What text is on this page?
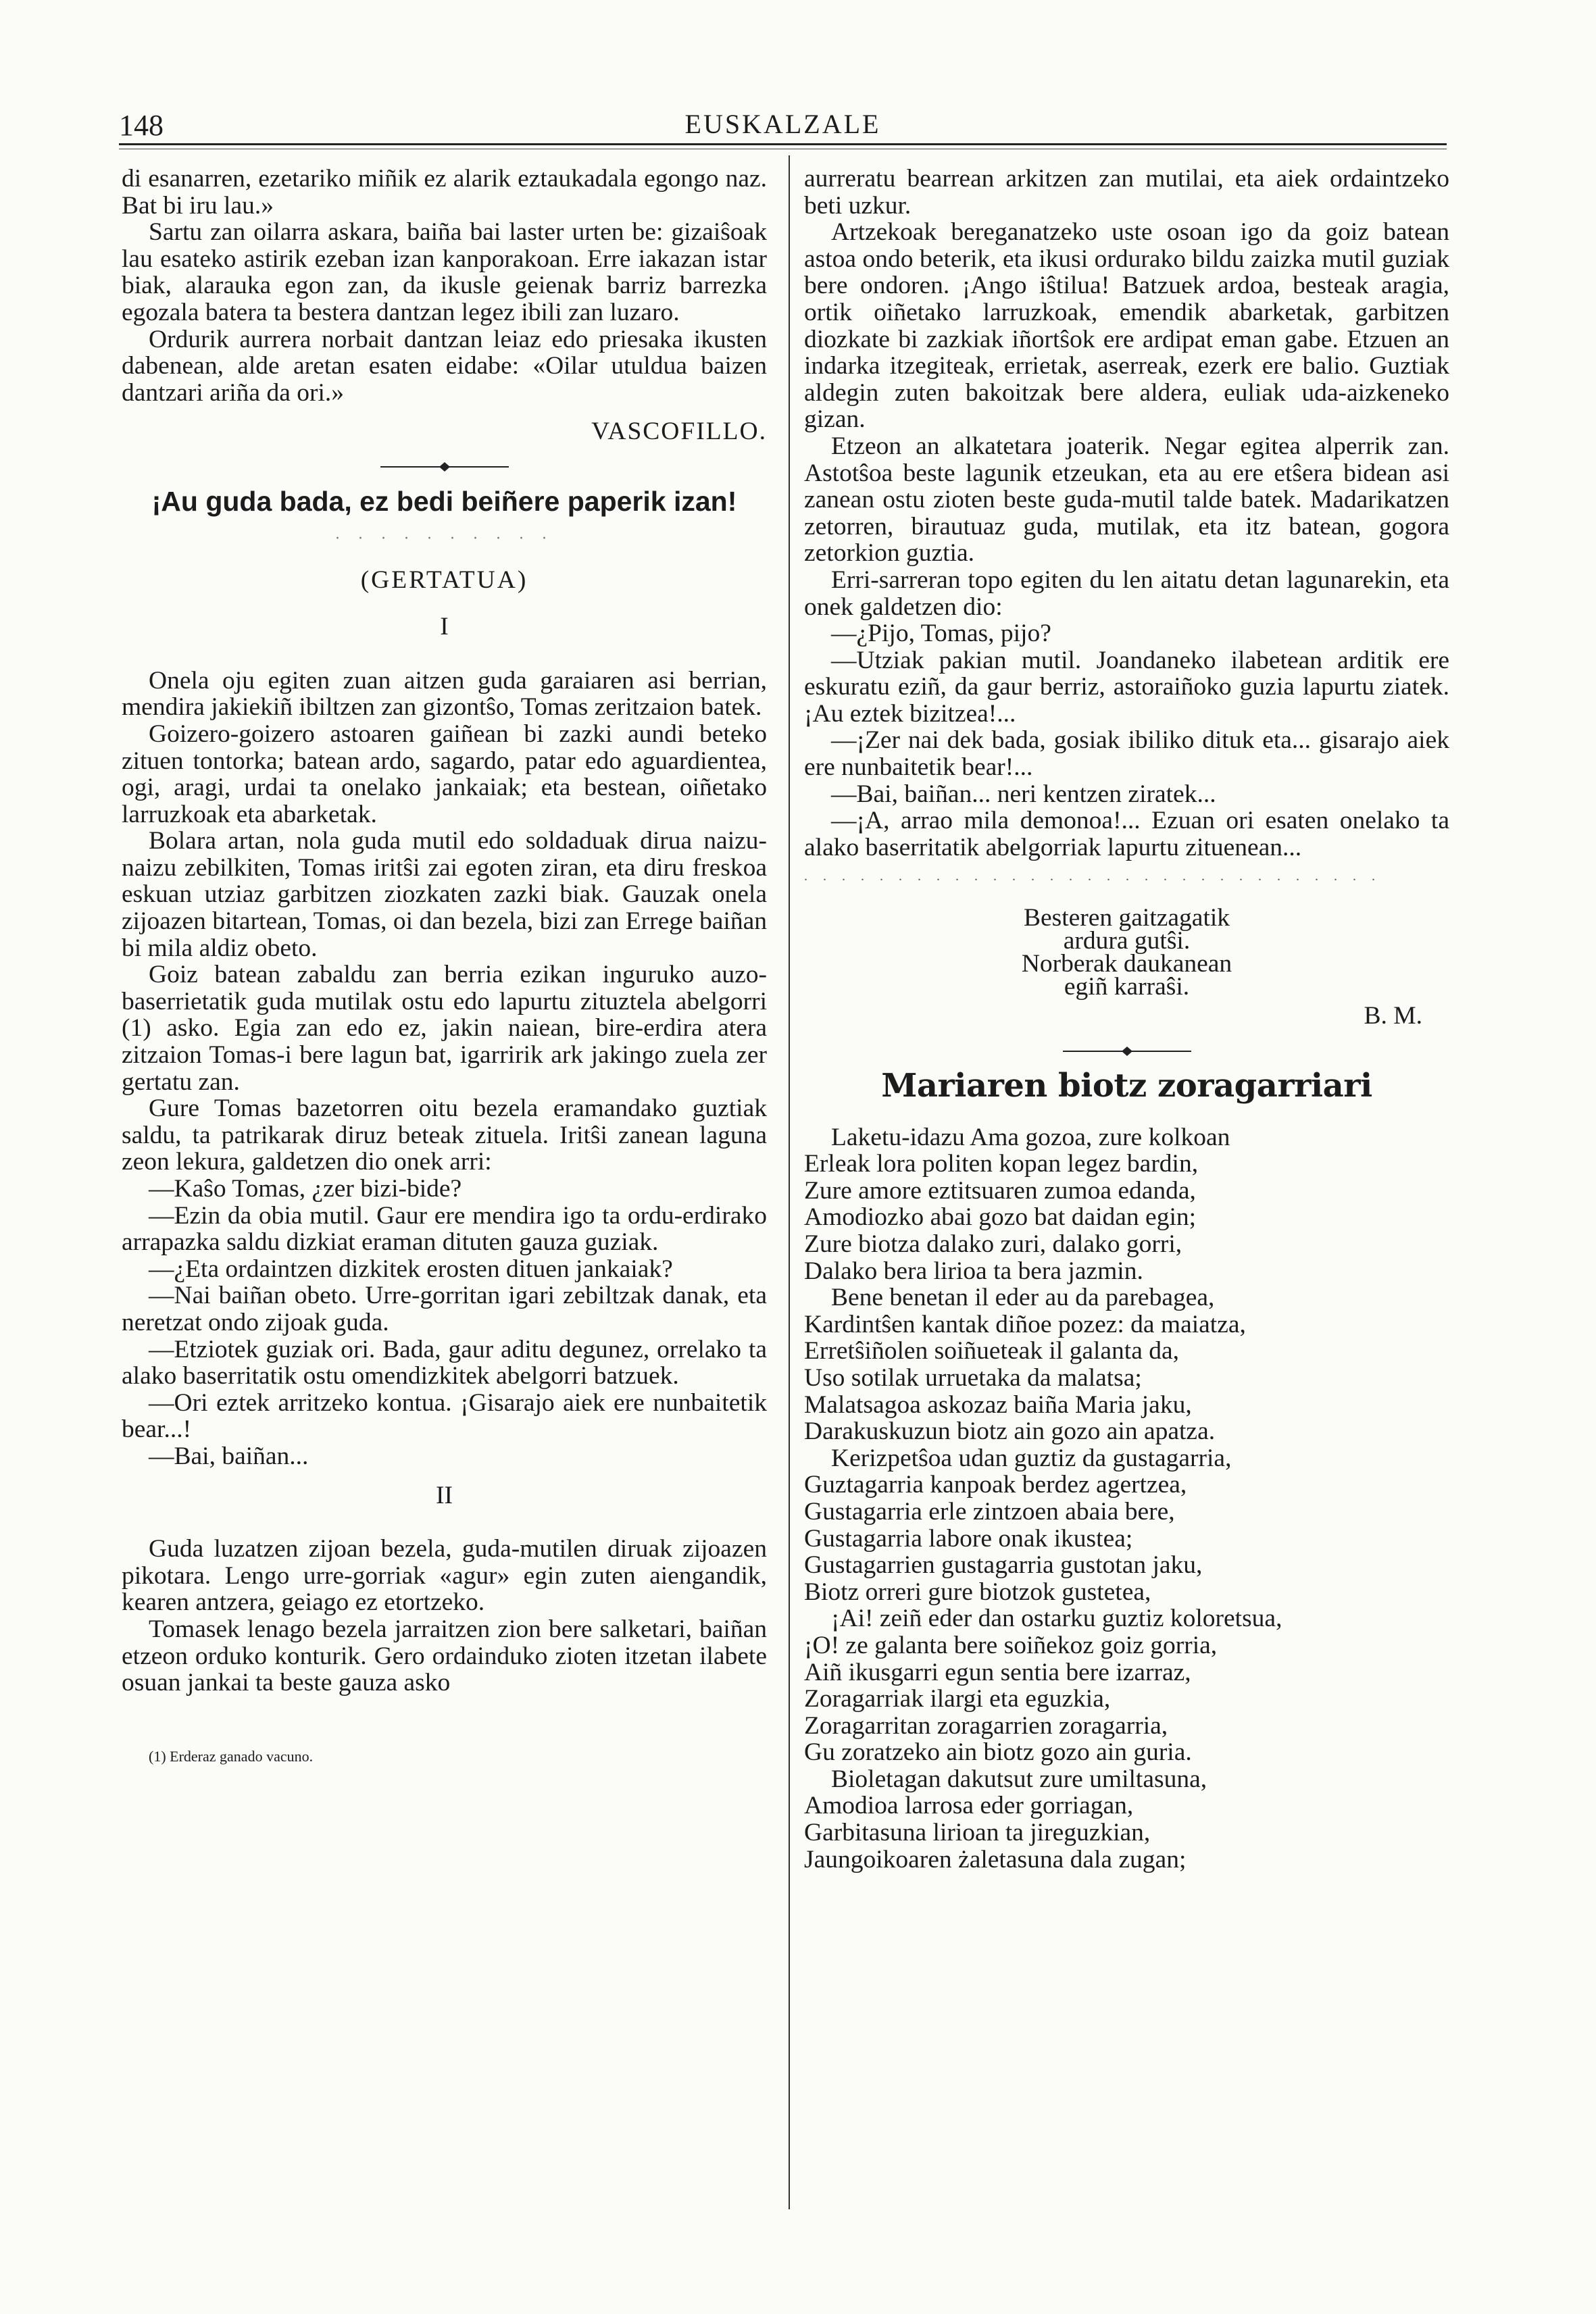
148	EUSKALZALE

di esanarren, ezetariko miñik ez alarik eztaukadala egongo naz. Bat bi iru lau.»

Sartu zan oilarra askara, baiña bai laster urten be: gizaiŝoak lau esateko astirik ezeban izan kanporakoan. Erre iakazan istar biak, alarauka egon zan, da ikusle geienak barriz barrezka egozala batera ta bestera dantzan legez ibili zan luzaro.

Ordurik aurrera norbait dantzan leiaz edo priesaka ikusten dabenean, alde aretan esaten eidabe: «Oilar utuldua baizen dantzari ariña da ori.»

VASCOFILLO.

¡Au guda bada, ez bedi beiñere paperik izan!

· · · · · · · · · ·

(GERTATUA)

I

Onela oju egiten zuan aitzen guda garaiaren asi berrian, mendira jakiekiñ ibiltzen zan gizontŝo, Tomas zeritzaion batek.

Goizero-goizero astoaren gaiñean bi zazki aundi beteko zituen tontorka; batean ardo, sagardo, patar edo aguardientea, ogi, aragi, urdai ta onelako jankaiak; eta bestean, oiñetako larruzkoak eta abarketak.

Bolara artan, nola guda mutil edo soldaduak dirua naizu-naizu zebilkiten, Tomas iritŝi zai egoten ziran, eta diru freskoa eskuan utziaz garbitzen ziozkaten zazki biak. Gauzak onela zijoazen bitartean, Tomas, oi dan bezela, bizi zan Errege baiñan bi mila aldiz obeto.

Goiz batean zabaldu zan berria ezikan inguruko auzo-baserrietatik guda mutilak ostu edo lapurtu zituztela abelgorri (1) asko. Egia zan edo ez, jakin naiean, bire-erdira atera zitzaion Tomas-i bere lagun bat, igarririk ark jakingo zuela zer gertatu zan.

Gure Tomas bazetorren oitu bezela eramandako guztiak saldu, ta patrikarak diruz beteak zituela. Iritŝi zanean laguna zeon lekura, galdetzen dio onek arri:

—Kaŝo Tomas, ¿zer bizi-bide?

—Ezin da obia mutil. Gaur ere mendira igo ta ordu-erdirako arrapazka saldu dizkiat eraman dituten gauza guziak.

—¿Eta ordaintzen dizkitek erosten dituen jankaiak?

—Nai baiñan obeto. Urre-gorritan igari zebiltzak danak, eta neretzat ondo zijoak guda.

—Etziotek guziak ori. Bada, gaur aditu degunez, orrelako ta alako baserritatik ostu omendizkitek abelgorri batzuek.

—Ori eztek arritzeko kontua. ¡Gisarajo aiek ere nunbaitetik bear...!

—Bai, baiñan...

II

Guda luzatzen zijoan bezela, guda-mutilen diruak zijoazen pikotara. Lengo urre-gorriak «agur» egin zuten aiengandik, kearen antzera, geiago ez etortzeko.

Tomasek lenago bezela jarraitzen zion bere salketari, baiñan etzeon orduko konturik. Gero ordainduko zioten itzetan ilabete osuan jankai ta beste gauza asko

(1) Erderaz ganado vacuno.

aurreratu bearrean arkitzen zan mutilai, eta aiek ordaintzeko beti uzkur.

Artzekoak bereganatzeko uste osoan igo da goiz batean astoa ondo beterik, eta ikusi ordurako bildu zaizka mutil guziak bere ondoren. ¡Ango iŝtilua! Batzuek ardoa, besteak aragia, ortik oiñetako larruzkoak, emendik abarketak, garbitzen diozkate bi zazkiak iñortŝok ere ardipat eman gabe. Etzuen an indarka itzegiteak, errietak, aserreak, ezerk ere balio. Guztiak aldegin zuten bakoitzak bere aldera, euliak uda-aizkeneko gizan.

Etzeon an alkatetara joaterik. Negar egitea alperrik zan. Astotŝoa beste lagunik etzeukan, eta au ere etŝera bidean asi zanean ostu zioten beste guda-mutil talde batek. Madarikatzen zetorren, birautuaz guda, mutilak, eta itz batean, gogora zetorkion guztia.

Erri-sarreran topo egiten du len aitatu detan lagunarekin, eta onek galdetzen dio:

—¿Pijo, Tomas, pijo?

—Utziak pakian mutil. Joandaneko ilabetean arditik ere eskuratu eziñ, da gaur berriz, astoraiñoko guzia lapurtu ziatek. ¡Au eztek bizitzea!...

—¡Zer nai dek bada, gosiak ibiliko dituk eta... gisarajo aiek ere nunbaitetik bear!...

—Bai, baiñan... neri kentzen ziratek...

—¡A, arrao mila demonoa!... Ezuan ori esaten onelako ta alako baserritatik abelgorriak lapurtu zituenean...

. . . . . . . . . . . . . . . . . . . . . . . . . . . . . . .

Besteren gaitzagatik

ardura gutŝi.

Norberak daukanean

egiñ karraŝi.

B. M.

Mariaren biotz zoragarriari

Laketu-idazu Ama gozoa, zure kolkoan

Erleak lora politen kopan legez bardin,

Zure amore eztitsuaren zumoa edanda,

Amodiozko abai gozo bat daidan egin;

Zure biotza dalako zuri, dalako gorri,

Dalako bera lirioa ta bera jazmin.

Bene benetan il eder au da parebagea,

Kardintŝen kantak diñoe pozez: da maiatza,

Erretŝiñolen soiñueteak il galanta da,

Uso sotilak urruetaka da malatsa;

Malatsagoa askozaz baiña Maria jaku,

Darakuskuzun biotz ain gozo ain apatza.

Kerizpetŝoa udan guztiz da gustagarria,

Guztagarria kanpoak berdez agertzea,

Gustagarria erle zintzoen abaia bere,

Gustagarria labore onak ikustea;

Gustagarrien gustagarria gustotan jaku,

Biotz orreri gure biotzok gustetea,

¡Ai! zeiñ eder dan ostarku guztiz koloretsua,

¡O! ze galanta bere soiñekoz goiz gorria,

Aiñ ikusgarri egun sentia bere izarraz,

Zoragarriak ilargi eta eguzkia,

Zoragarritan zoragarrien zoragarria,

Gu zoratzeko ain biotz gozo ain guria.

Bioletagan dakutsut zure umiltasuna,

Amodioa larrosa eder gorriagan,

Garbitasuna lirioan ta jireguzkian,

Jaungoikoaren żaletasuna dala zugan;
